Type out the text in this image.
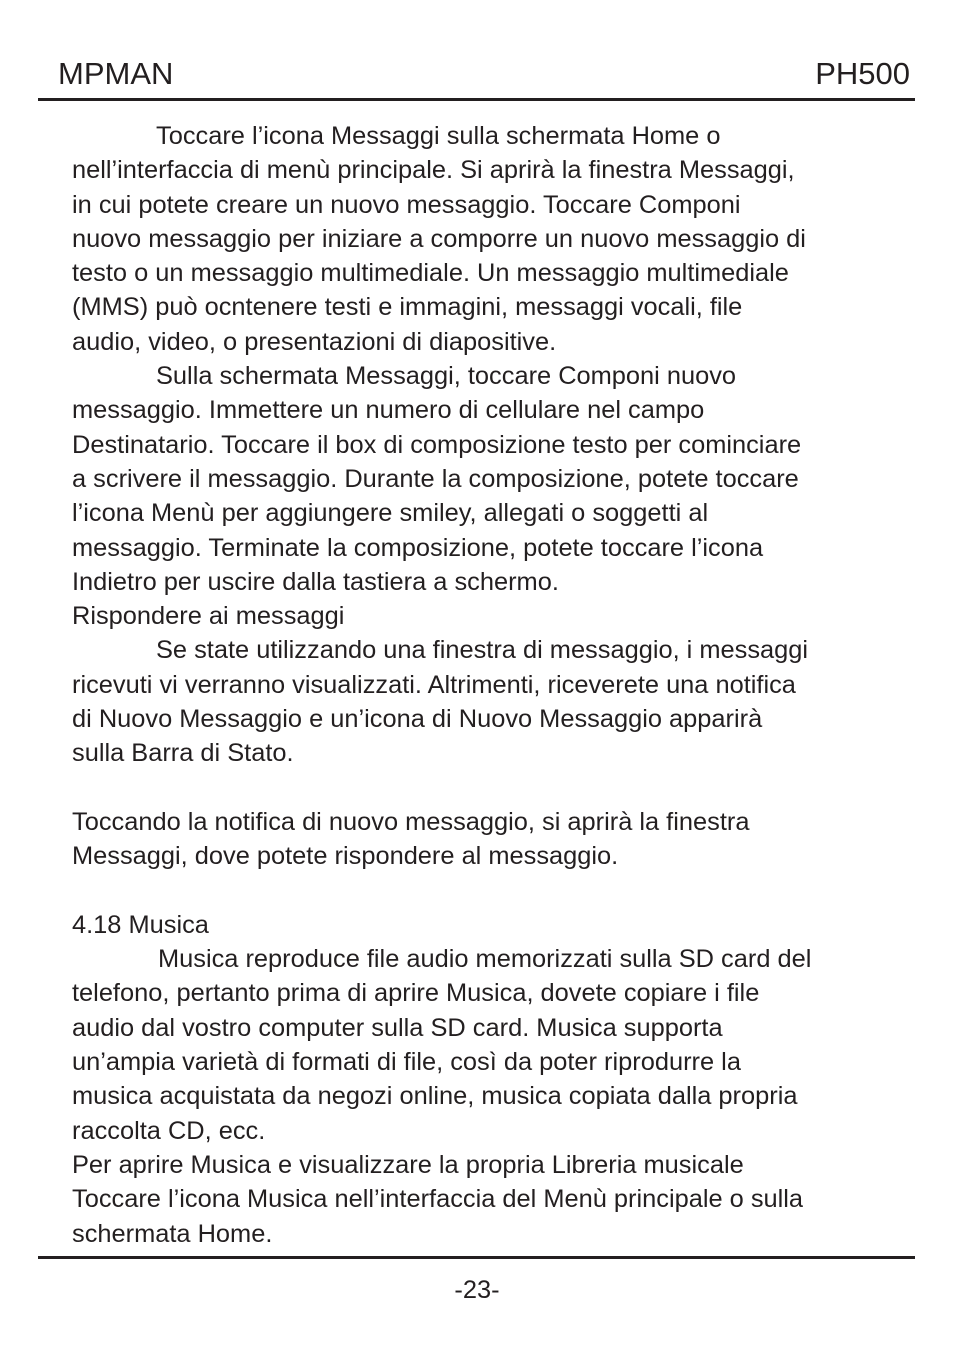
MPMAN	PH500
Toccare l’icona Messaggi sulla schermata Home o
nell’interfaccia di menù principale. Si aprirà la finestra Messaggi,
in cui potete creare un nuovo messaggio. Toccare Componi
nuovo messaggio per iniziare a comporre un nuovo messaggio di
testo o un messaggio multimediale. Un messaggio multimediale
(MMS) può ocntenere testi e immagini, messaggi vocali, file
audio, video, o presentazioni di diapositive.
Sulla schermata Messaggi, toccare Componi nuovo
messaggio. Immettere un numero di cellulare nel campo
Destinatario. Toccare il box di composizione testo per cominciare
a scrivere il messaggio. Durante la composizione, potete toccare
l’icona Menù per aggiungere smiley, allegati o soggetti al
messaggio. Terminate la composizione, potete toccare l’icona
Indietro per uscire dalla tastiera a schermo.
Rispondere ai messaggi
Se state utilizzando una finestra di messaggio, i messaggi
ricevuti vi verranno visualizzati. Altrimenti, riceverete una notifica
di Nuovo Messaggio e un’icona di Nuovo Messaggio apparirà
sulla Barra di Stato.
Toccando la notifica di nuovo messaggio, si aprirà la finestra
Messaggi, dove potete rispondere al messaggio.
4.18 Musica
Musica reproduce file audio memorizzati sulla SD card del
telefono, pertanto prima di aprire Musica, dovete copiare i file
audio dal vostro computer sulla SD card. Musica supporta
un’ampia varietà di formati di file, così da poter riprodurre la
musica acquistata da negozi online, musica copiata dalla propria
raccolta CD, ecc.
Per aprire Musica e visualizzare la propria Libreria musicale
Toccare l’icona Musica nell’interfaccia del Menù principale o sulla
schermata Home.
-23-
